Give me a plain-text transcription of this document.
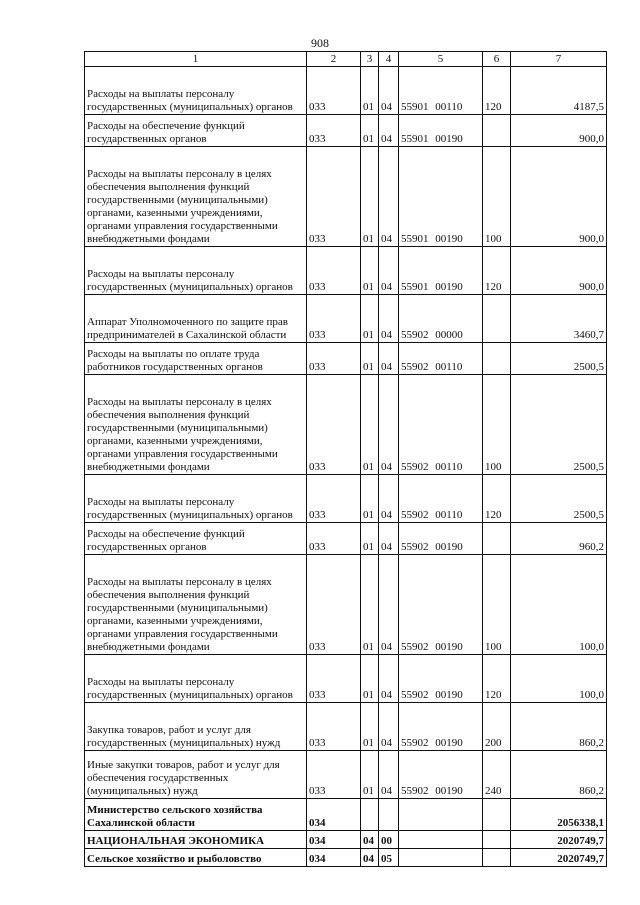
908
1	2	3	4	5	6	7
Расходы на выплаты персоналу государственных (муниципальных) органов	033	01	04	55901 00110	120	4187,5
Расходы на обеспечение функций государственных органов	033	01	04	55901 00190		900,0
Расходы на выплаты персоналу в целях обеспечения выполнения функций государственными (муниципальными) органами, казенными учреждениями, органами управления государственными внебюджетными фондами	033	01	04	55901 00190	100	900,0
Расходы на выплаты персоналу государственных (муниципальных) органов	033	01	04	55901 00190	120	900,0
Аппарат Уполномоченного по защите прав предпринимателей в Сахалинской области	033	01	04	55902 00000		3460,7
Расходы на выплаты по оплате труда работников государственных органов	033	01	04	55902 00110		2500,5
Расходы на выплаты персоналу в целях обеспечения выполнения функций государственными (муниципальными) органами, казенными учреждениями, органами управления государственными внебюджетными фондами	033	01	04	55902 00110	100	2500,5
Расходы на выплаты персоналу государственных (муниципальных) органов	033	01	04	55902 00110	120	2500,5
Расходы на обеспечение функций государственных органов	033	01	04	55902 00190		960,2
Расходы на выплаты персоналу в целях обеспечения выполнения функций государственными (муниципальными) органами, казенными учреждениями, органами управления государственными внебюджетными фондами	033	01	04	55902 00190	100	100,0
Расходы на выплаты персоналу государственных (муниципальных) органов	033	01	04	55902 00190	120	100,0
Закупка товаров, работ и услуг для государственных (муниципальных) нужд	033	01	04	55902 00190	200	860,2
Иные закупки товаров, работ и услуг для обеспечения государственных (муниципальных) нужд	033	01	04	55902 00190	240	860,2
Министерство сельского хозяйства Сахалинской области	034					2056338,1
НАЦИОНАЛЬНАЯ ЭКОНОМИКА	034	04	00			2020749,7
Сельское хозяйство и рыболовство	034	04	05			2020749,7
